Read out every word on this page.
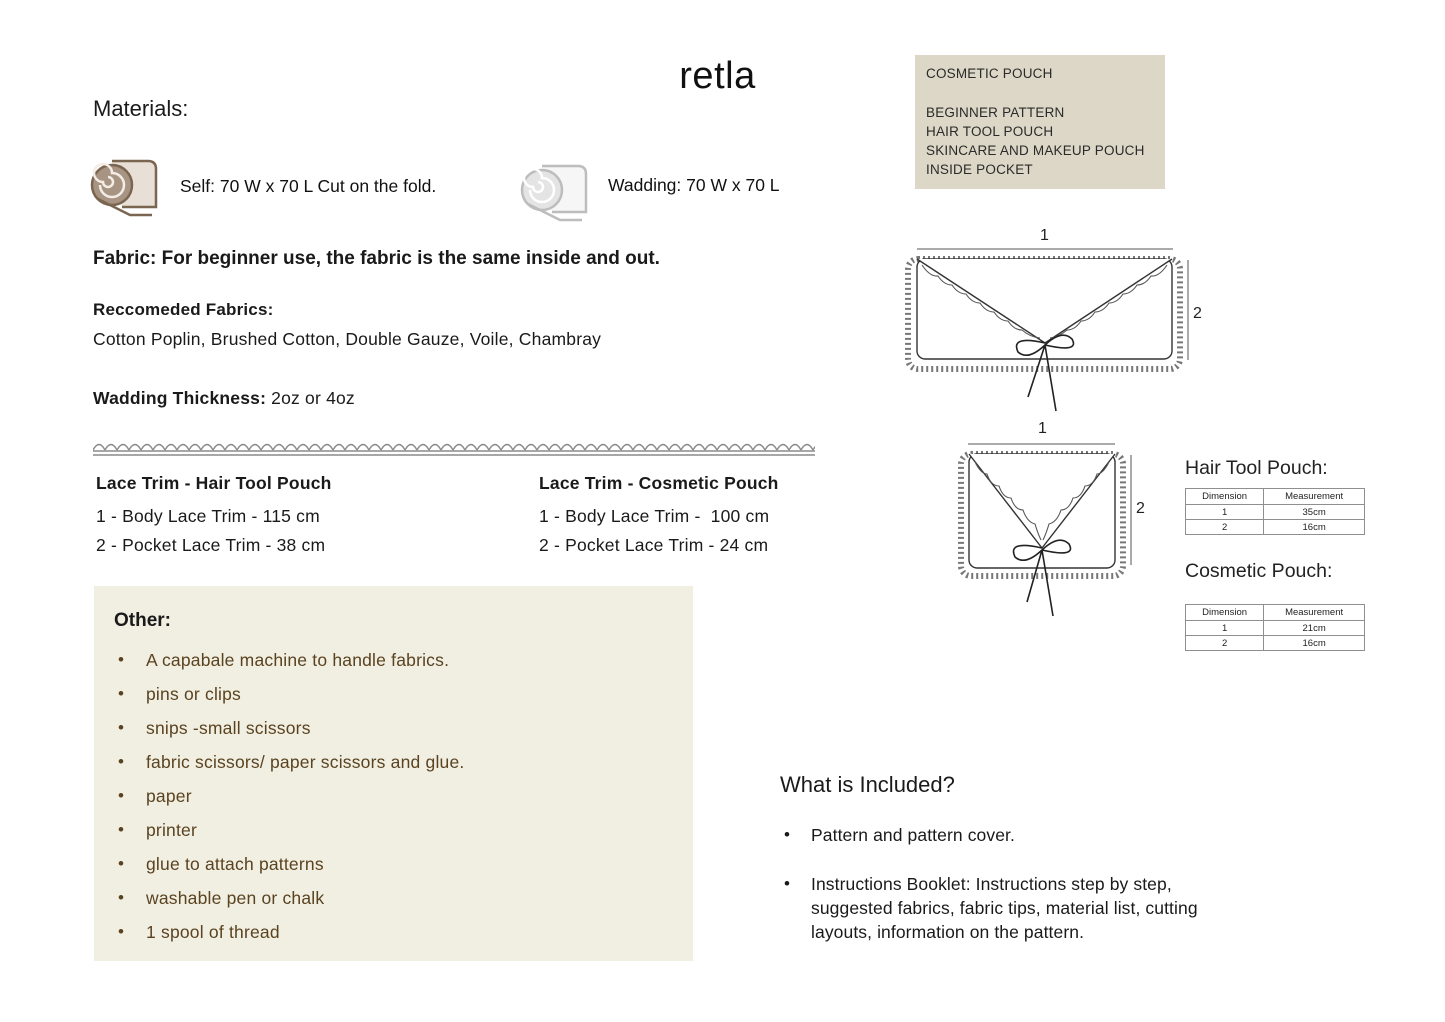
retla
Materials:
Self: 70 W x 70 L Cut on the fold.	Wadding: 70 W x 70 L
Fabric: For beginner use, the fabric is the same inside and out.
Reccomeded Fabrics:
Cotton Poplin, Brushed Cotton, Double Gauze, Voile, Chambray
Wadding Thickness: 2oz or 4oz
Lace Trim - Hair Tool Pouch
1 - Body Lace Trim - 115 cm
2 - Pocket Lace Trim - 38 cm
Lace Trim - Cosmetic Pouch
1 - Body Lace Trim -  100 cm
2 - Pocket Lace Trim - 24 cm
COSMETIC POUCH
BEGINNER PATTERN
HAIR TOOL POUCH
SKINCARE AND MAKEUP POUCH
INSIDE POCKET
1
2
1
2
Hair Tool Pouch:
Dimension	Measurement
1	35cm
2	16cm
Cosmetic Pouch:
Dimension	Measurement
1	21cm
2	16cm
Other:
• A capabale machine to handle fabrics.
• pins or clips
• snips -small scissors
• fabric scissors/ paper scissors and glue.
• paper
• printer
• glue to attach patterns
• washable pen or chalk
• 1 spool of thread
What is Included?
• Pattern and pattern cover.
• Instructions Booklet: Instructions step by step, suggested fabrics, fabric tips, material list, cutting layouts, information on the pattern.
